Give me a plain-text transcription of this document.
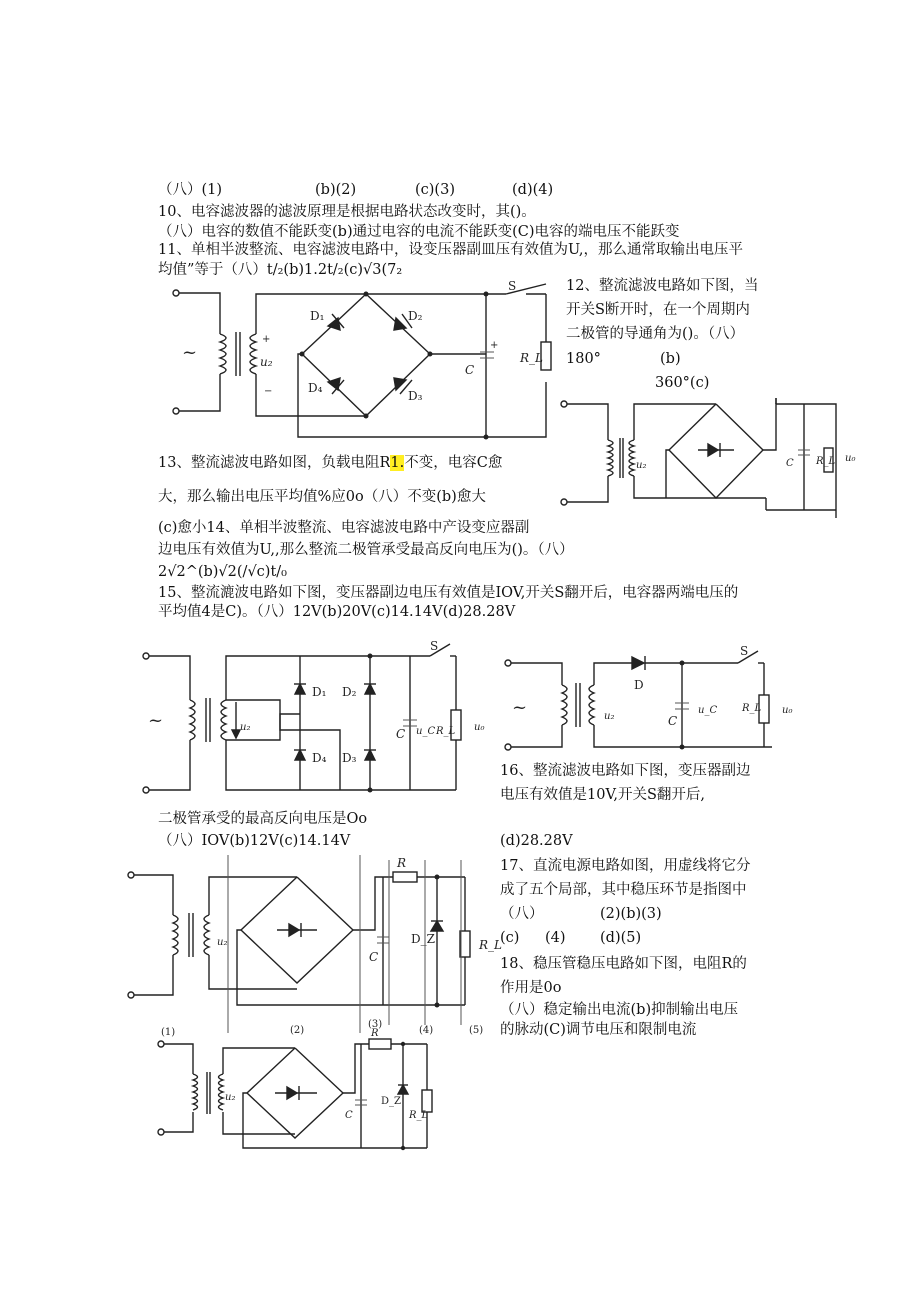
（八）(1)	(b)(2)	(c)(3)	(d)(4)
10、电容滤波器的滤波原理是根据电路状态改变时，其()。
（八）电容的数值不能跃变(b)通过电容的电流不能跃变(C)电容的端电压不能跃变
11、单相半波整流、电容滤波电路中，设变压器副皿压有效值为U,，那么通常取输出电压平
均值”等于（八）t/₂(b)1.2t/₂(c)√3(7₂
12、整流滤波电路如下图，当
开关S断开时，在一个周期内
二极管的导通角为()。（八）
180°	(b)
360°(c)
13、整流滤波电路如图，负载电阻R1.不变，电容C愈
大，那么输出电压平均值%应0o（八）不变(b)愈大
(c)愈小14、单相半波整流、电容滤波电路中产设变应器副
边电压有效值为U,,那么整流二极管承受最高反向电压为()。（八）
2√2^(b)√2(/√c)t/₀
15、整流漉波电路如下图，变压器副边电压有效值是IOV,开关S翻开后，电容器两端电压的
平均值4是C)。（八）12V(b)20V(c)14.14V(d)28.28V
16、整流滤波电路如下图，变压器副边
电压有效值是10V,开关S翻开后,
二极管承受的最高反向电压是Oo
（八）IOV(b)12V(c)14.14V	(d)28.28V
17、直流电源电路如图，用虚线将它分
成了五个局部，其中稳压环节是指图中
（八）	(2)(b)(3)
(c) (4) (d)(5)
18、稳压管稳压电路如下图，电阻R的
作用是0o
（八）稳定输出电流(b)抑制输出电压
的脉动(C)调节电压和限制电流
~
+
u₂
−
D₁	D₂
D₄
D₃
C
+
S
R_L
u₂	C R_L u₀
~	u₂
D₁ D₂
D₄ D₃
C u_C
S
R_L u₀
~	u₂
D
C
u_C
S
R_L u₀
u₂
R
C
D_Z	R_L
(1)	(2)
(3)
(4)	(5)
u₂
R
C
D_Z
R_L
